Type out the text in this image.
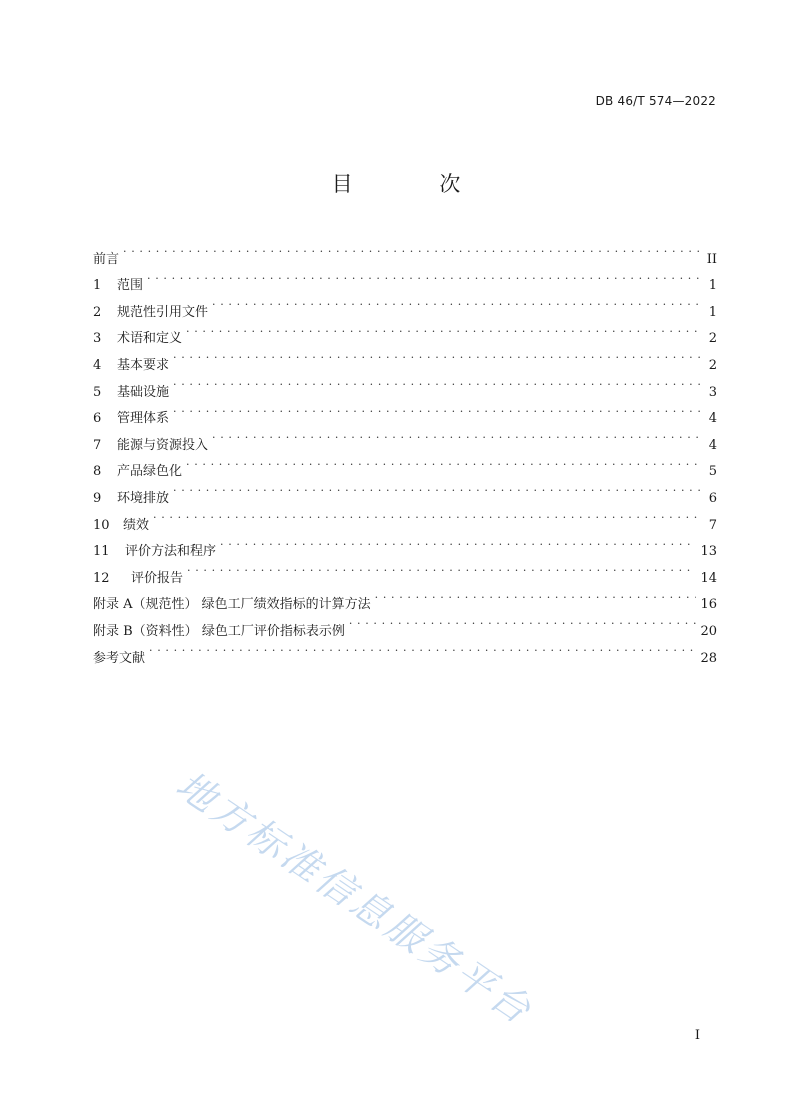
DB 46/T 574—2022
目 次
前言 . . .	II
1	范围 . . .	1
2	规范性引用文件 . . .	1
3	术语和定义 . . .	2
4	基本要求 . . .	2
5	基础设施 . . .	3
6	管理体系 . . .	4
7	能源与资源投入 . . .	4
8	产品绿色化 . . .	5
9	环境排放 . . .	6
10	绩效 . . .	7
11	评价方法和程序 . . .	13
12	评价报告 . . .	14
附录 A（规范性） 绿色工厂绩效指标的计算方法 . . .	16
附录 B（资料性） 绿色工厂评价指标表示例 . . .	20
参考文献 . . .	28
地方标准信息服务平台
I
